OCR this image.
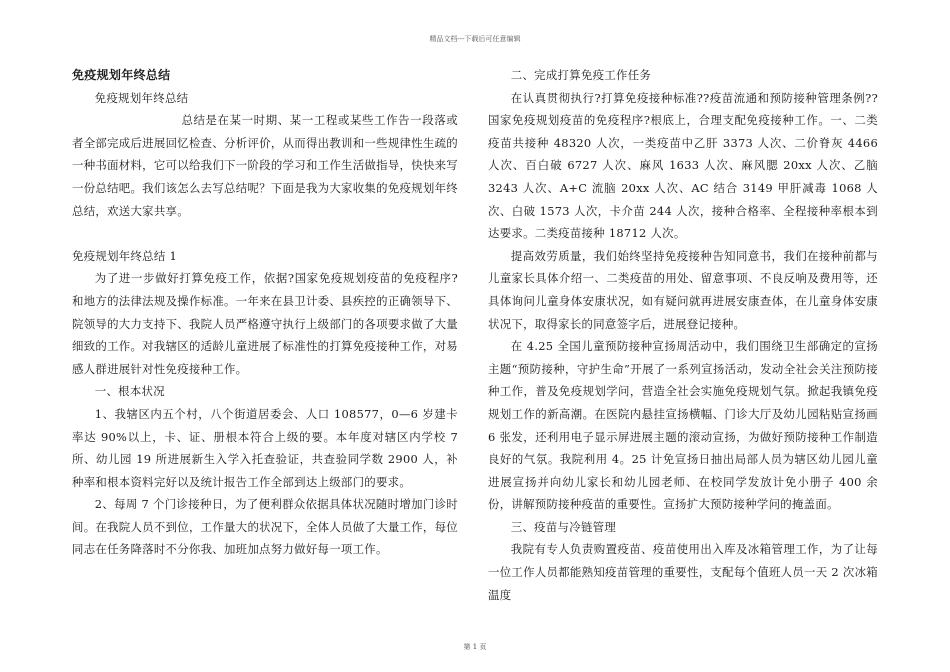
精品文档---下载后可任意编辑

免疫规划年终总结

免疫规划年终总结

总结是在某一时期、某一工程或某些工作告一段落或者全部完成后进展回忆检查、分析评价，从而得出教训和一些规律性生疏的一种书面材料，它可以给我们下一阶段的学习和工作生活做指导，快快来写一份总结吧。我们该怎么去写总结呢？下面是我为大家收集的免疫规划年终总结，欢送大家共享。

免疫规划年终总结 1

为了进一步做好打算免疫工作，依据?国家免疫规划疫苗的免疫程序?和地方的法律法规及操作标准。一年来在县卫计委、县疾控的正确领导下、院领导的大力支持下、我院人员严格遵守执行上级部门的各项要求做了大量细致的工作。对我辖区的适龄儿童进展了标准性的打算免疫接种工作，对易感人群进展针对性免疫接种工作。

一、根本状况

1、我辖区内五个村，八个街道居委会、人口 108577，0—6 岁建卡率达 90%以上，卡、证、册根本符合上级的要。本年度对辖区内学校 7 所、幼儿园 19 所进展新生入学入托查验证，共查验同学数 2900 人，补种率和根本资料完好以及统计报告工作全部到达上级部门的要求。

2、每周 7 个门诊接种日，为了便利群众依据具体状况随时增加门诊时间。在我院人员不到位，工作量大的状况下，全体人员做了大量工作，每位同志在任务降落时不分你我、加班加点努力做好每一项工作。

二、完成打算免疫工作任务

在认真贯彻执行?打算免疫接种标准??疫苗流通和预防接种管理条例??国家免疫规划疫苗的免疫程序?根底上，合理支配免疫接种工作。一、二类疫苗共接种 48320 人次，一类疫苗中乙肝 3373 人次、二价脊灰 4466 人次、百白破 6727 人次、麻风 1633 人次、麻风腮 20xx 人次、乙脑 3243 人次、A+C 流脑 20xx 人次、AC 结合 3149 甲肝减毒 1068 人次、白破 1573 人次，卡介苗 244 人次，接种合格率、全程接种率根本到达要求。二类疫苗接种 18712 人次。

提高效劳质量，我们始终坚持免疫接种告知同意书，我们在接种前都与儿童家长具体介绍一、二类疫苗的用处、留意事项、不良反响及费用等，还具体询问儿童身体安康状况，如有疑问就再进展安康查体，在儿童身体安康状况下，取得家长的同意签字后，进展登记接种。

在 4.25 全国儿童预防接种宣扬周活动中，我们围绕卫生部确定的宣扬主题“预防接种，守护生命”开展了一系列宣扬活动，发动全社会关注预防接种工作，普及免疫规划学问，营造全社会实施免疫规划气氛。掀起我镇免疫规划工作的新高潮。在医院内悬挂宣扬横幅、门诊大厅及幼儿园粘贴宣扬画 6 张发，还利用电子显示屏进展主题的滚动宣扬，为做好预防接种工作制造良好的气氛。我院利用 4。25 计免宣扬日抽出局部人员为辖区幼儿园儿童进展宣扬并向幼儿家长和幼儿园老师、在校同学发放计免小册子 400 余份，讲解预防接种疫苗的重要性。宣扬扩大预防接种学问的掩盖面。

三、疫苗与冷链管理

我院有专人负责购置疫苗、疫苗使用出入库及冰箱管理工作，为了让每一位工作人员都能熟知疫苗管理的重要性，支配每个值班人员一天 2 次冰箱温度

第 1 页
